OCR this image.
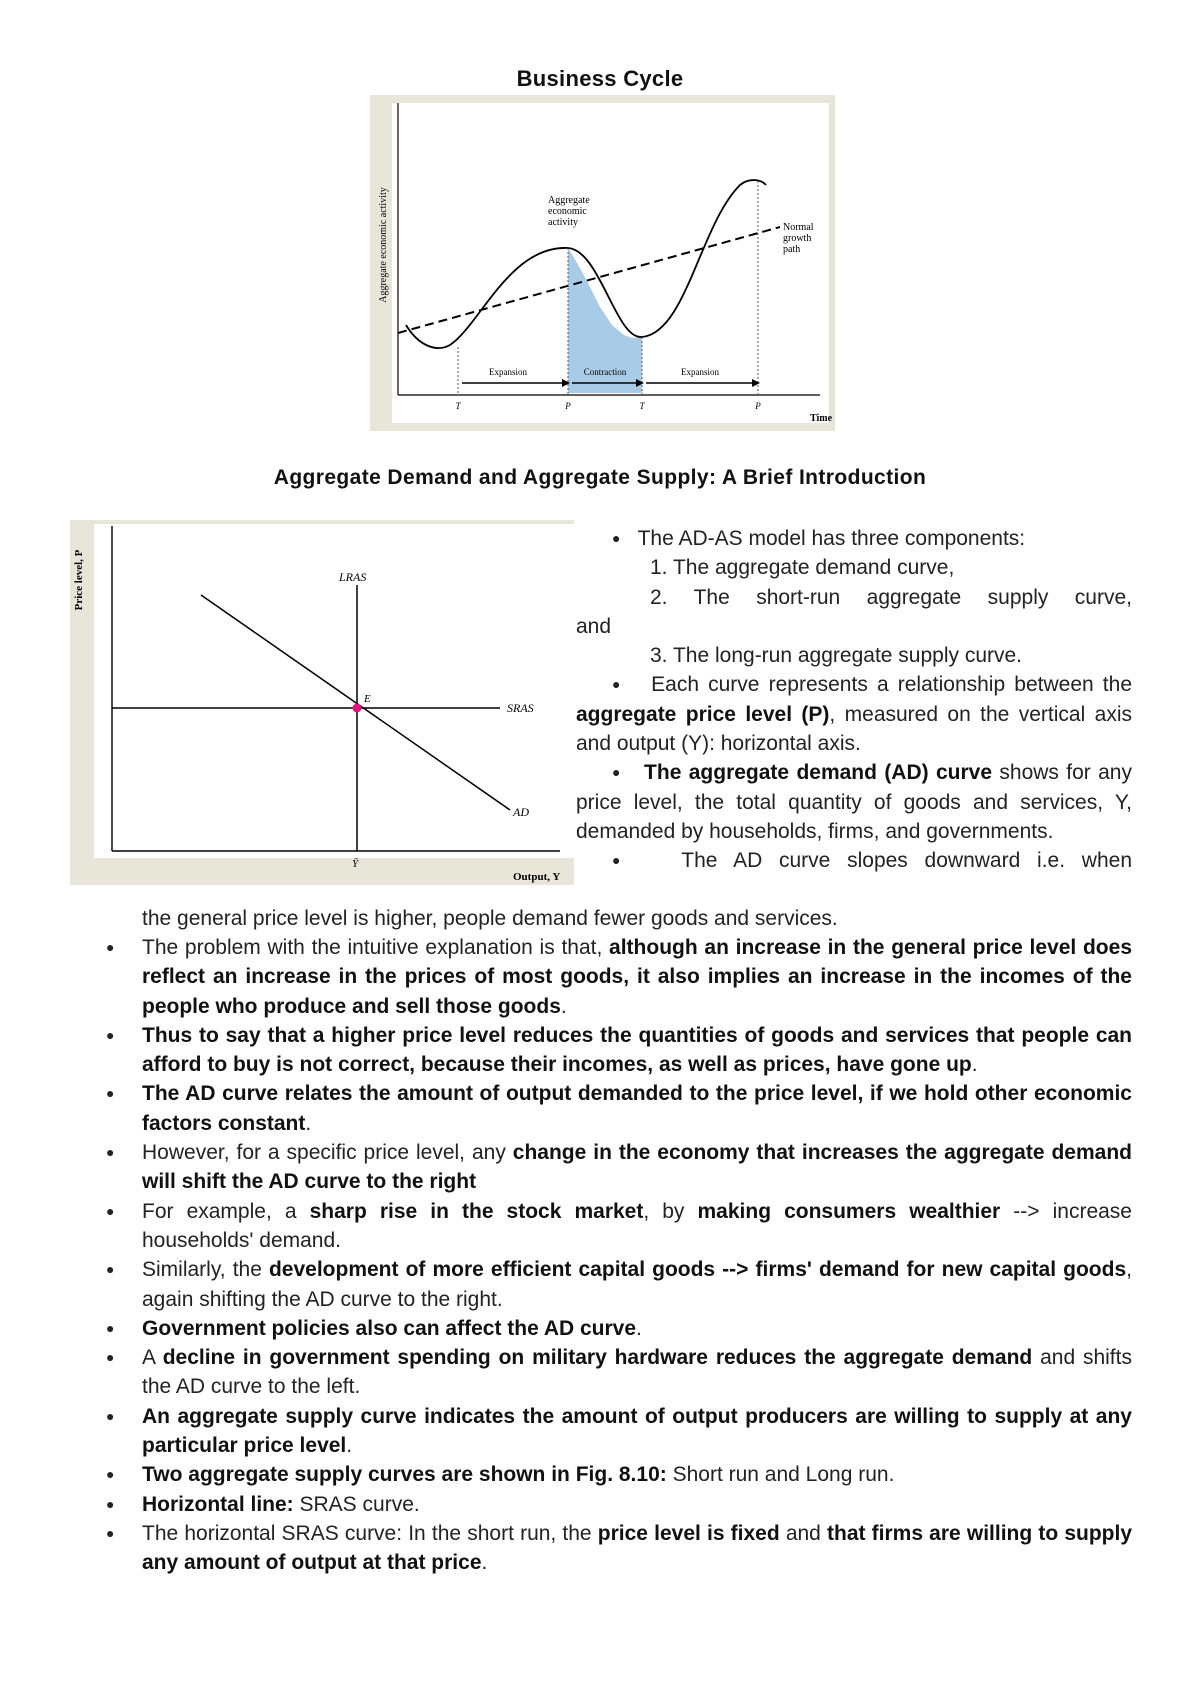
Business Cycle
Aggregate economic activity
Time
Aggregate
economic
activity	Normal
growth
path
Expansion	Contraction	Expansion
T	P	T	P
Aggregate Demand and Aggregate Supply: A Brief Introduction
Price level, P
Output, Y
LRAS
SRAS
AD
E
Ȳ

● The AD-AS model has three components:

1. The aggregate demand curve,

2. The short-run aggregate supply curve,

and

3. The long-run aggregate supply curve.

● Each curve represents a relationship between the aggregate price level (P), measured on the vertical axis and output (Y): horizontal axis.

● The aggregate demand (AD) curve shows for any price level, the total quantity of goods and services, Y, demanded by households, firms, and governments.

● The AD curve slopes downward i.e. when

the general price level is higher, people demand fewer goods and services.
● The problem with the intuitive explanation is that, although an increase in the general price level does reflect an increase in the prices of most goods, it also implies an increase in the incomes of the people who produce and sell those goods.
● Thus to say that a higher price level reduces the quantities of goods and services that people can afford to buy is not correct, because their incomes, as well as prices, have gone up.
● The AD curve relates the amount of output demanded to the price level, if we hold other economic factors constant.
● However, for a specific price level, any change in the economy that increases the aggregate demand will shift the AD curve to the right
● For example, a sharp rise in the stock market, by making consumers wealthier --> increase households' demand.
● Similarly, the development of more efficient capital goods --> firms' demand for new capital goods, again shifting the AD curve to the right.
● Government policies also can affect the AD curve.
● A decline in government spending on military hardware reduces the aggregate demand and shifts the AD curve to the left.
● An aggregate supply curve indicates the amount of output producers are willing to supply at any particular price level.
● Two aggregate supply curves are shown in Fig. 8.10: Short run and Long run.
● Horizontal line: SRAS curve.
● The horizontal SRAS curve: In the short run, the price level is fixed and that firms are willing to supply any amount of output at that price.
